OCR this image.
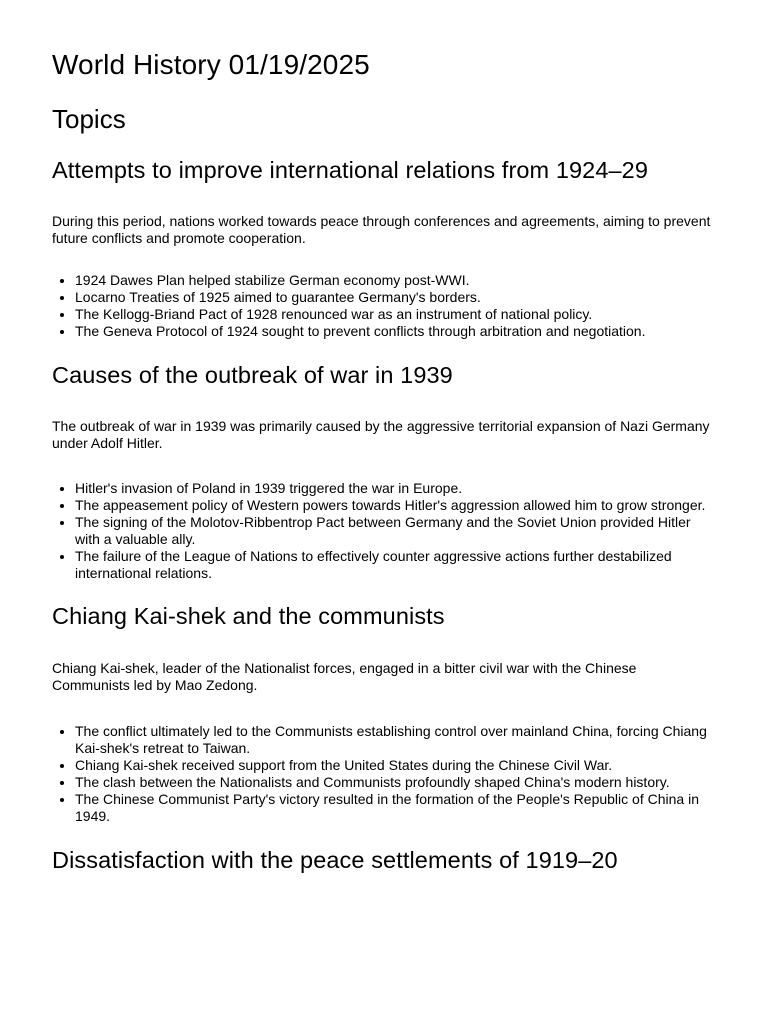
World History 01/19/2025
Topics
Attempts to improve international relations from 1924–29

During this period, nations worked towards peace through conferences and agreements, aiming to prevent future conflicts and promote cooperation.

• 1924 Dawes Plan helped stabilize German economy post-WWI.
• Locarno Treaties of 1925 aimed to guarantee Germany's borders.
• The Kellogg-Briand Pact of 1928 renounced war as an instrument of national policy.
• The Geneva Protocol of 1924 sought to prevent conflicts through arbitration and negotiation.
Causes of the outbreak of war in 1939

The outbreak of war in 1939 was primarily caused by the aggressive territorial expansion of Nazi Germany under Adolf Hitler.

• Hitler's invasion of Poland in 1939 triggered the war in Europe.
• The appeasement policy of Western powers towards Hitler's aggression allowed him to grow stronger.
• The signing of the Molotov-Ribbentrop Pact between Germany and the Soviet Union provided Hitler with a valuable ally.
• The failure of the League of Nations to effectively counter aggressive actions further destabilized international relations.
Chiang Kai-shek and the communists

Chiang Kai-shek, leader of the Nationalist forces, engaged in a bitter civil war with the Chinese Communists led by Mao Zedong.

• The conflict ultimately led to the Communists establishing control over mainland China, forcing Chiang Kai-shek's retreat to Taiwan.
• Chiang Kai-shek received support from the United States during the Chinese Civil War.
• The clash between the Nationalists and Communists profoundly shaped China's modern history.
• The Chinese Communist Party's victory resulted in the formation of the People's Republic of China in 1949.
Dissatisfaction with the peace settlements of 1919–20
